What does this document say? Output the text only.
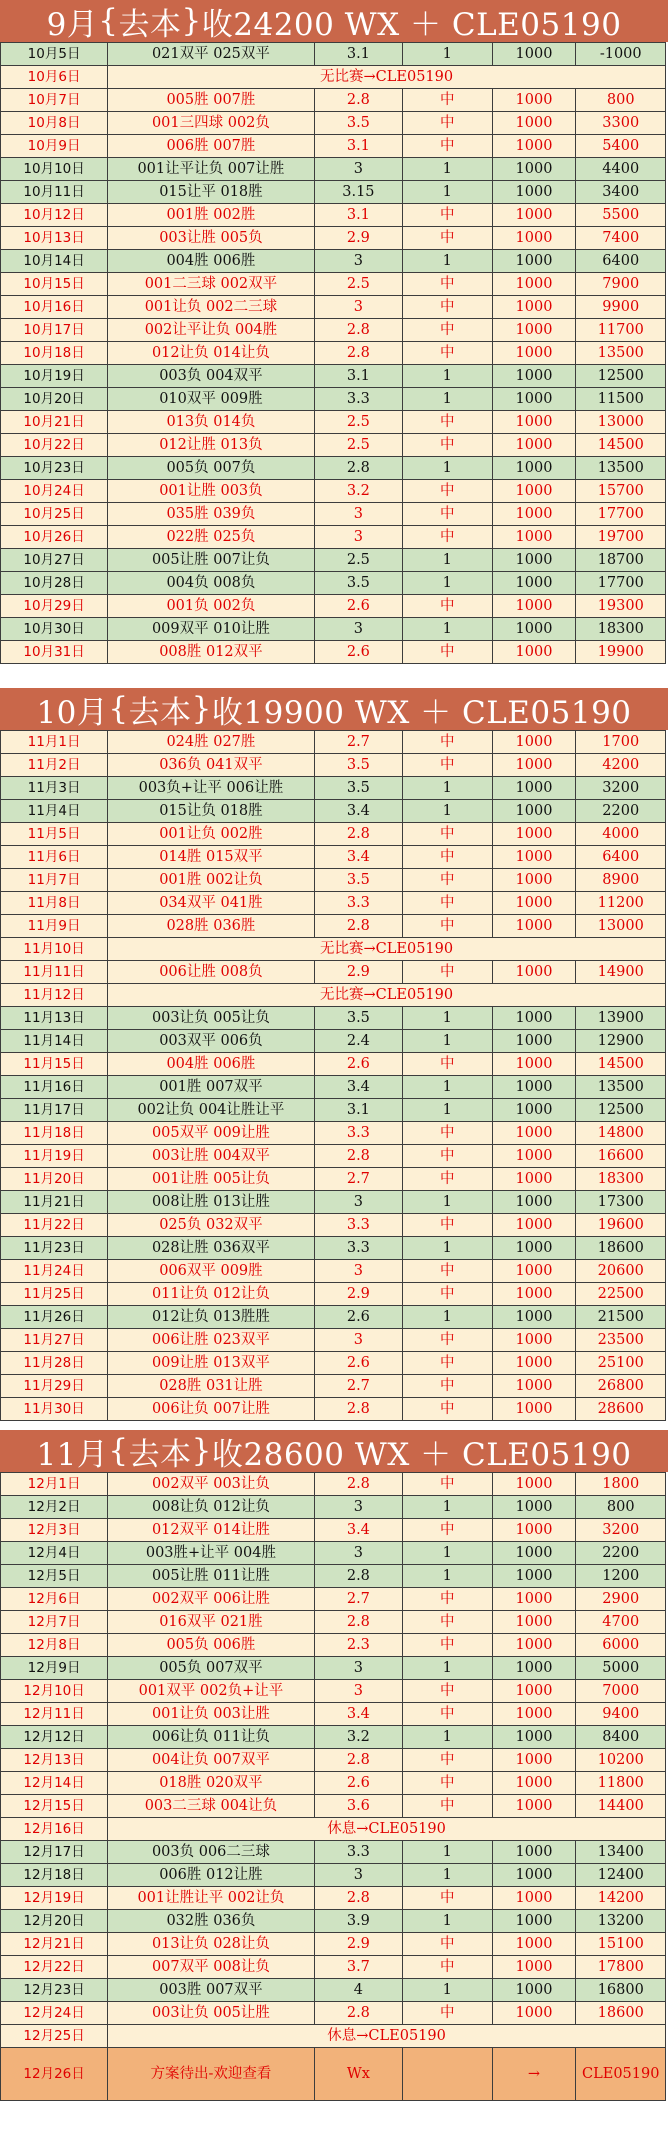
9月 { 去本 } 收24200 WX ＋ CLE05190
10月5日	021双平 025双平	3.1	1	1000	-1000
10月6日	无比赛→CLE05190				
10月7日	005胜 007胜	2.8	中	1000	800
10月8日	001三四球 002负	3.5	中	1000	3300
10月9日	006胜 007胜	3.1	中	1000	5400
10月10日	001让平让负 007让胜	3	1	1000	4400
10月11日	015让平 018胜	3.15	1	1000	3400
10月12日	001胜 002胜	3.1	中	1000	5500
10月13日	003让胜 005负	2.9	中	1000	7400
10月14日	004胜 006胜	3	1	1000	6400
10月15日	001二三球 002双平	2.5	中	1000	7900
10月16日	001让负 002二三球	3	中	1000	9900
10月17日	002让平让负 004胜	2.8	中	1000	11700
10月18日	012让负 014让负	2.8	中	1000	13500
10月19日	003负 004双平	3.1	1	1000	12500
10月20日	010双平 009胜	3.3	1	1000	11500
10月21日	013负 014负	2.5	中	1000	13000
10月22日	012让胜 013负	2.5	中	1000	14500
10月23日	005负 007负	2.8	1	1000	13500
10月24日	001让胜 003负	3.2	中	1000	15700
10月25日	035胜 039负	3	中	1000	17700
10月26日	022胜 025负	3	中	1000	19700
10月27日	005让胜 007让负	2.5	1	1000	18700
10月28日	004负 008负	3.5	1	1000	17700
10月29日	001负 002负	2.6	中	1000	19300
10月30日	009双平 010让胜	3	1	1000	18300
10月31日	008胜 012双平	2.6	中	1000	19900
10月 { 去本 } 收19900 WX ＋ CLE05190
11月1日	024胜 027胜	2.7	中	1000	1700
11月2日	036负 041双平	3.5	中	1000	4200
11月3日	003负+让平 006让胜	3.5	1	1000	3200
11月4日	015让负 018胜	3.4	1	1000	2200
11月5日	001让负 002胜	2.8	中	1000	4000
11月6日	014胜 015双平	3.4	中	1000	6400
11月7日	001胜 002让负	3.5	中	1000	8900
11月8日	034双平 041胜	3.3	中	1000	11200
11月9日	028胜 036胜	2.8	中	1000	13000
11月10日	无比赛→CLE05190				
11月11日	006让胜 008负	2.9	中	1000	14900
11月12日	无比赛→CLE05190				
11月13日	003让负 005让负	3.5	1	1000	13900
11月14日	003双平 006负	2.4	1	1000	12900
11月15日	004胜 006胜	2.6	中	1000	14500
11月16日	001胜 007双平	3.4	1	1000	13500
11月17日	002让负 004让胜让平	3.1	1	1000	12500
11月18日	005双平 009让胜	3.3	中	1000	14800
11月19日	003让胜 004双平	2.8	中	1000	16600
11月20日	001让胜 005让负	2.7	中	1000	18300
11月21日	008让胜 013让胜	3	1	1000	17300
11月22日	025负 032双平	3.3	中	1000	19600
11月23日	028让胜 036双平	3.3	1	1000	18600
11月24日	006双平 009胜	3	中	1000	20600
11月25日	011让负 012让负	2.9	中	1000	22500
11月26日	012让负 013胜胜	2.6	1	1000	21500
11月27日	006让胜 023双平	3	中	1000	23500
11月28日	009让胜 013双平	2.6	中	1000	25100
11月29日	028胜 031让胜	2.7	中	1000	26800
11月30日	006让负 007让胜	2.8	中	1000	28600
11月 { 去本 } 收28600 WX ＋ CLE05190
12月1日	002双平 003让负	2.8	中	1000	1800
12月2日	008让负 012让负	3	1	1000	800
12月3日	012双平 014让胜	3.4	中	1000	3200
12月4日	003胜+让平 004胜	3	1	1000	2200
12月5日	005让胜 011让胜	2.8	1	1000	1200
12月6日	002双平 006让胜	2.7	中	1000	2900
12月7日	016双平 021胜	2.8	中	1000	4700
12月8日	005负 006胜	2.3	中	1000	6000
12月9日	005负 007双平	3	1	1000	5000
12月10日	001双平 002负+让平	3	中	1000	7000
12月11日	001让负 003让胜	3.4	中	1000	9400
12月12日	006让负 011让负	3.2	1	1000	8400
12月13日	004让负 007双平	2.8	中	1000	10200
12月14日	018胜 020双平	2.6	中	1000	11800
12月15日	003二三球 004让负	3.6	中	1000	14400
12月16日	休息→CLE05190				
12月17日	003负 006二三球	3.3	1	1000	13400
12月18日	006胜 012让胜	3	1	1000	12400
12月19日	001让胜让平 002让负	2.8	中	1000	14200
12月20日	032胜 036负	3.9	1	1000	13200
12月21日	013让负 028让负	2.9	中	1000	15100
12月22日	007双平 008让负	3.7	中	1000	17800
12月23日	003胜 007双平	4	1	1000	16800
12月24日	003让负 005让胜	2.8	中	1000	18600
12月25日	休息→CLE05190				
12月26日	方案待出-欢迎查看	Wx		→	CLE05190
